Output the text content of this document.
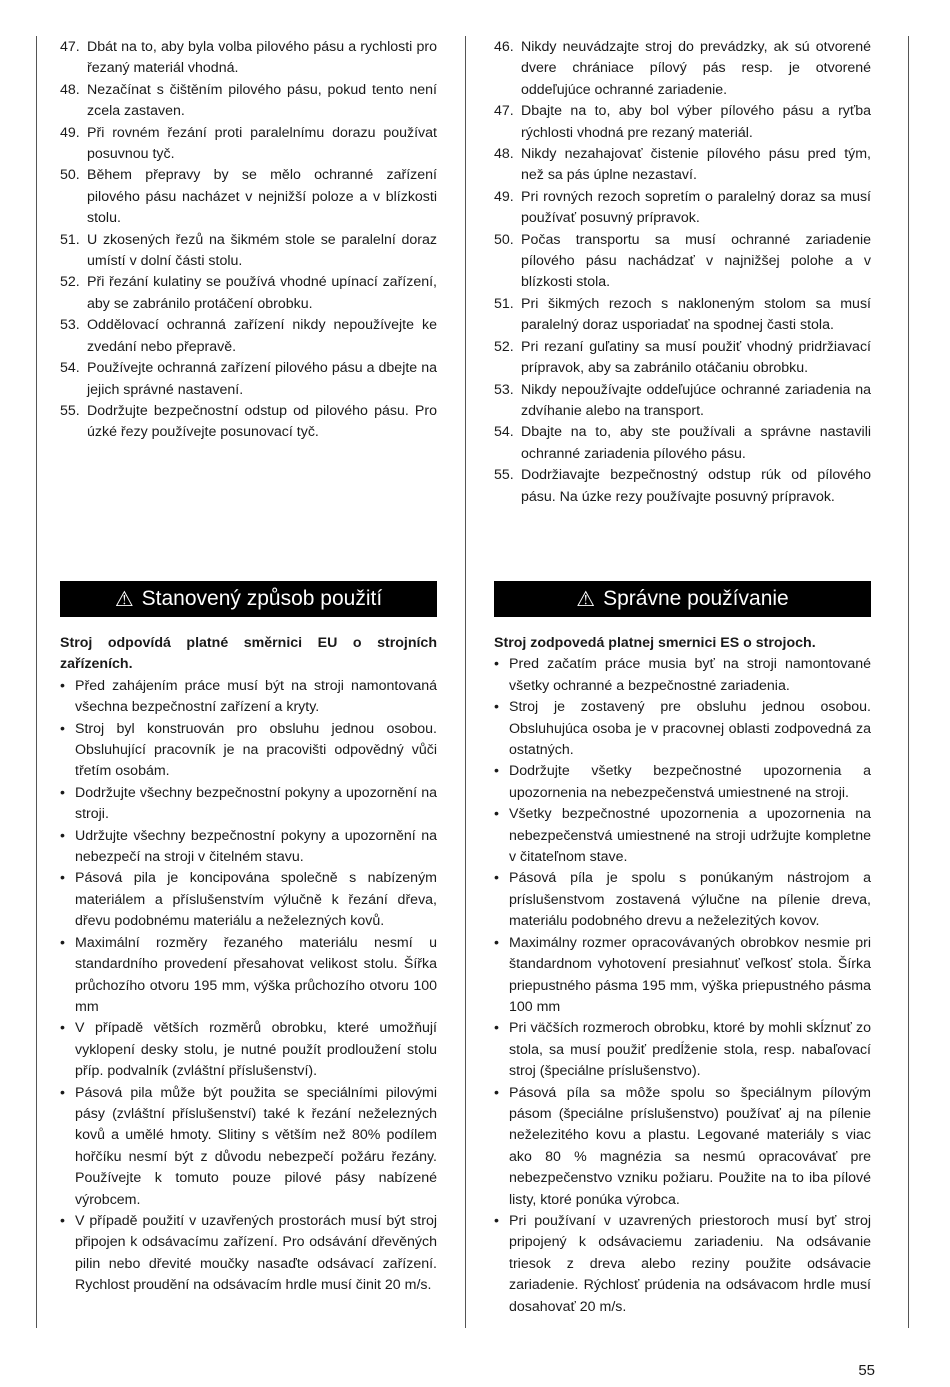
47. Dbát na to, aby byla volba pilového pásu a rychlosti pro řezaný materiál vhodná.
48. Nezačínat s čištěním pilového pásu, pokud tento není zcela zastaven.
49. Při rovném řezání proti paralelnímu dorazu používat posuvnou tyč.
50. Během přepravy by se mělo ochranné zařízení pilového pásu nacházet v nejnižší poloze a v blízkosti stolu.
51. U zkosených řezů na šikmém stole se paralelní doraz umístí v dolní části stolu.
52. Při řezání kulatiny se používá vhodné upínací zařízení, aby se zabránilo protáčení obrobku.
53. Oddělovací ochranná zařízení nikdy nepoužívejte ke zvedání nebo přepravě.
54. Používejte ochranná zařízení pilového pásu a dbejte na jejich správné nastavení.
55. Dodržujte bezpečnostní odstup od pilového pásu. Pro úzké řezy používejte posunovací tyč.
46. Nikdy neuvádzajte stroj do prevádzky, ak sú otvorené dvere chrániace pílový pás resp. je otvorené oddeľujúce ochranné zariadenie.
47. Dbajte na to, aby bol výber pílového pásu a ryťba rýchlosti vhodná pre rezaný materiál.
48. Nikdy nezahajovať čistenie pílového pásu pred tým, než sa pás úplne nezastaví.
49. Pri rovných rezoch sopretím o paralelný doraz sa musí používať posuvný prípravok.
50. Počas transportu sa musí ochranné zariadenie pílového pásu nachádzať v najnižšej polohe a v blízkosti stola.
51. Pri šikmých rezoch s nakloneným stolom sa musí paralelný doraz usporiadať na spodnej časti stola.
52. Pri rezaní guľatiny sa musí použiť vhodný pridržiavací prípravok, aby sa zabránilo otáčaniu obrobku.
53. Nikdy nepoužívajte oddeľujúce ochranné zariadenia na zdvíhanie alebo na transport.
54. Dbajte na to, aby ste používali a správne nastavili ochranné zariadenia pílového pásu.
55. Dodržiavajte bezpečnostný odstup rúk od pílového pásu. Na úzke rezy používajte posuvný prípravok.
⚠ Stanovený způsob použití	⚠ Správne používanie
Stroj odpovídá platné směrnici EU o strojních zařízeních.
• Před zahájením práce musí být na stroji namontovaná všechna bezpečnostní zařízení a kryty.
• Stroj byl konstruován pro obsluhu jednou osobou. Obsluhující pracovník je na pracovišti odpovědný vůči třetím osobám.
• Dodržujte všechny bezpečnostní pokyny a upozornění na stroji.
• Udržujte všechny bezpečnostní pokyny a upozornění na nebezpečí na stroji v čitelném stavu.
• Pásová pila je koncipována společně s nabízeným materiálem a příslušenstvím výlučně k řezání dřeva, dřevu podobnému materiálu a neželezných kovů.
• Maximální rozměry řezaného materiálu nesmí u standardního provedení přesahovat velikost stolu. Šířka průchozího otvoru 195 mm, výška průchozího otvoru 100 mm
• V případě větších rozměrů obrobku, které umožňují vyklopení desky stolu, je nutné použít prodloužení stolu příp. podvalník (zvláštní příslušenství).
• Pásová pila může být použita se speciálními pilovými pásy (zvláštní příslušenství) také k řezání neželezných kovů a umělé hmoty. Slitiny s větším než 80% podílem hořčíku nesmí být z důvodu nebezpečí požáru řezány. Používejte k tomuto pouze pilové pásy nabízené výrobcem.
• V případě použití v uzavřených prostorách musí být stroj připojen k odsávacímu zařízení. Pro odsávání dřevěných pilin nebo dřevité moučky nasaďte odsávací zařízení. Rychlost proudění na odsávacím hrdle musí činit 20 m/s.
Stroj zodpovedá platnej smernici ES o strojoch.
• Pred začatím práce musia byť na stroji namontované všetky ochranné a bezpečnostné zariadenia.
• Stroj je zostavený pre obsluhu jednou osobou. Obsluhujúca osoba je v pracovnej oblasti zodpovedná za ostatných.
• Dodržujte všetky bezpečnostné upozornenia a upozornenia na nebezpečenstvá umiestnené na stroji.
• Všetky bezpečnostné upozornenia a upozornenia na nebezpečenstvá umiestnené na stroji udržujte kompletne v čitateľnom stave.
• Pásová píla je spolu s ponúkaným nástrojom a príslušenstvom zostavená výlučne na pílenie dreva, materiálu podobného drevu a neželezitých kovov.
• Maximálny rozmer opracovávaných obrobkov nesmie pri štandardnom vyhotovení presiahnuť veľkosť stola. Šírka priepustného pásma 195 mm, výška priepustného pásma 100 mm
• Pri väčších rozmeroch obrobku, ktoré by mohli skĺznuť zo stola, sa musí použiť predĺženie stola, resp. nabaľovací stroj (špeciálne príslušenstvo).
• Pásová píla sa môže spolu so špeciálnym pílovým pásom (špeciálne príslušenstvo) používať aj na pílenie neželezitého kovu a plastu. Legované materiály s viac ako 80 % magnézia sa nesmú opracovávať pre nebezpečenstvo vzniku požiaru. Použite na to iba pílové listy, ktoré ponúka výrobca.
• Pri používaní v uzavrených priestoroch musí byť stroj pripojený k odsávaciemu zariadeniu. Na odsávanie triesok z dreva alebo reziny použite odsávacie zariadenie. Rýchlosť prúdenia na odsávacom hrdle musí dosahovať 20 m/s.
55
